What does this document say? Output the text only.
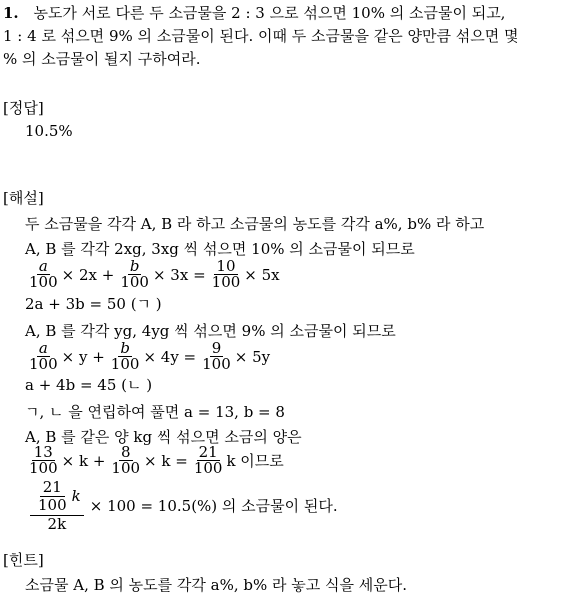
1. 농도가 서로 다른 두 소금물을 2 : 3 으로 섞으면 10% 의 소금물이 되고,
1 : 4 로 섞으면 9% 의 소금물이 된다. 이때 두 소금물을 같은 양만큼 섞으면 몇
% 의 소금물이 될지 구하여라.
[정답]
10.5%
[해설]
두 소금물을 각각 A, B 라 하고 소금물의 농도를 각각 a%, b% 라 하고
A, B 를 각각 2xg, 3xg 씩 섞으면 10% 의 소금물이 되므로
$\frac{a}{100} \times 2x + \frac{b}{100} \times 3x = \frac{10}{100} \times 5x$
2a + 3b = 50 (ㄱ )
A, B 를 각각 yg, 4yg 씩 섞으면 9% 의 소금물이 되므로
$\frac{a}{100} \times y + \frac{b}{100} \times 4y = \frac{9}{100} \times 5y$
a + 4b = 45 (ㄴ )
ㄱ, ㄴ 을 연립하여 풀면 a = 13, b = 8
A, B 를 같은 양 kg 씩 섞으면 소금의 양은
$\frac{13}{100} \times k + \frac{8}{100} \times k = \frac{21}{100}$ k 이므로
$\frac{\frac{21}{100} k}{2k} \times 100 = 10.5(\%)$ 의 소금물이 된다.
[힌트]
소금물 A, B 의 농도를 각각 a%, b% 라 놓고 식을 세운다.
